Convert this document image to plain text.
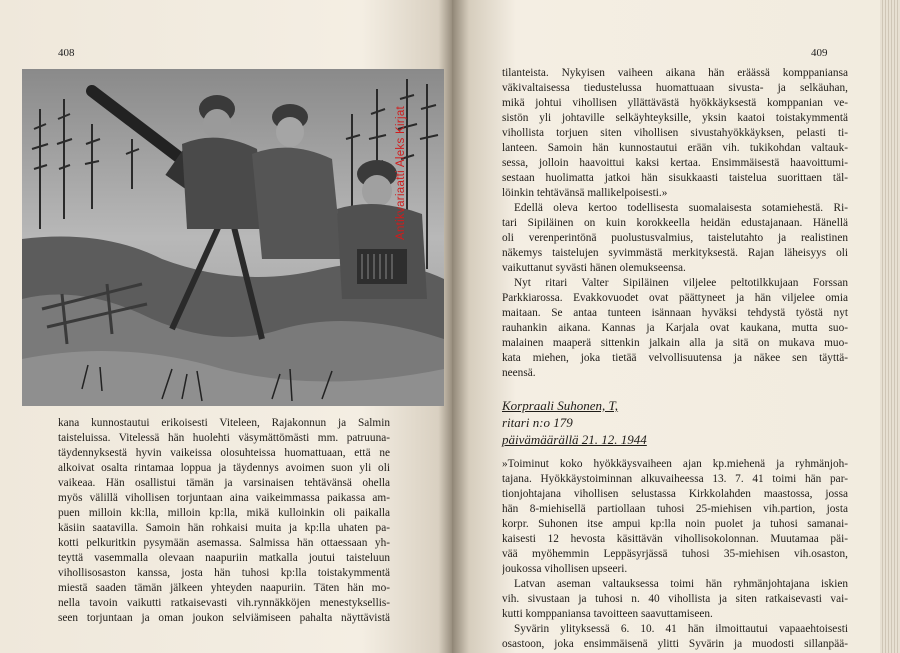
408
Antikvariaatti Aleks Kirjat
kana kunnostautui erikoisesti Viteleen, Rajakonnun ja Salmin
taisteluissa. Vitelessä hän huolehti väsymättömästi mm. patruuna-
täydennyksestä hyvin vaikeissa olosuhteissa huomattuaan, että ne
alkoivat osalta rintamaa loppua ja täydennys avoimen suon yli oli
vaikeaa. Hän osallistui tämän ja varsinaisen tehtävänsä ohella
myös välillä vihollisen torjuntaan aina vaikeimmassa paikassa am-
puen milloin kk:lla, milloin kp:lla, mikä kulloinkin oli paikalla
käsiin saatavilla. Samoin hän rohkaisi muita ja kp:lla uhaten pa-
kotti pelkuritkin pysymään asemassa. Salmissa hän ottaessaan yh-
teyttä vasemmalla olevaan naapuriin matkalla joutui taisteluun
vihollisosaston kanssa, josta hän tuhosi kp:lla toistakymmentä
miestä saaden tämän jälkeen yhteyden naapuriin. Täten hän mo-
nella tavoin vaikutti ratkaisevasti vih.rynnäkköjen menestyksellis-
seen torjuntaan ja oman joukon selviämiseen pahalta näyttävistä
409
tilanteista. Nykyisen vaiheen aikana hän eräässä komppaniansa
väkivaltaisessa tiedustelussa huomattuaan sivusta- ja selkäuhan,
mikä johtui vihollisen yllättävästä hyökkäyksestä komppanian ve-
sistön yli johtaville selkäyhteyksille, yksin kaatoi toistakymmentä
vihollista torjuen siten vihollisen sivustahyökkäyksen, pelasti ti-
lanteen. Samoin hän kunnostautui erään vih. tukikohdan valtauk-
sessa, jolloin haavoittui kaksi kertaa. Ensimmäisestä haavoittumi-
sestaan huolimatta jatkoi hän sisukkaasti taistelua suorittaen täl-
löinkin tehtävänsä mallikelpoisesti.»
Edellä oleva kertoo todellisesta suomalaisesta sotamiehestä. Ri-
tari Sipiläinen on kuin korokkeella heidän edustajanaan. Hänellä
oli verenperintönä puolustusvalmius, taistelutahto ja realistinen
näkemys taistelujen syvimmästä merkityksestä. Rajan läheisyys oli
vaikuttanut syvästi hänen olemukseensa.
Nyt ritari Valter Sipiläinen viljelee peltotilkkujaan Forssan
Parkkiarossa. Evakkovuodet ovat päättyneet ja hän viljelee omia
maitaan. Se antaa tunteen isännaan hyväksi tehdystä työstä nyt
rauhankin aikana. Kannas ja Karjala ovat kaukana, mutta suo-
malainen maaperä sittenkin jalkain alla ja sitä on mukava muo-
kata miehen, joka tietää velvollisuutensa ja näkee sen täyttä-
neensä.
Korpraali Suhonen, T,
ritari n:o 179
päivämäärällä 21. 12. 1944
»Toiminut koko hyökkäysvaiheen ajan kp.miehenä ja ryhmänjoh-
tajana. Hyökkäystoiminnan alkuvaiheessa 13. 7. 41 toimi hän par-
tionjohtajana vihollisen selustassa Kirkkolahden maastossa, jossa
hän 8-miehisellä partiollaan tuhosi 25-miehisen vih.partion, josta
korpr. Suhonen itse ampui kp:lla noin puolet ja tuhosi samanai-
kaisesti 12 hevosta käsittävän vihollisokolonnan. Muutamaa päi-
vää myöhemmin Leppäsyrjässä tuhosi 35-miehisen vih.osaston,
joukossa vihollisen upseeri.
Latvan aseman valtauksessa toimi hän ryhmänjohtajana iskien
vih. sivustaan ja tuhosi n. 40 vihollista ja siten ratkaisevasti vai-
kutti komppaniansa tavoitteen saavuttamiseen.
Syvärin ylityksessä 6. 10. 41 hän ilmoittautui vapaaehtoisesti
osastoon, joka ensimmäisenä ylitti Syvärin ja muodosti sillanpää-
